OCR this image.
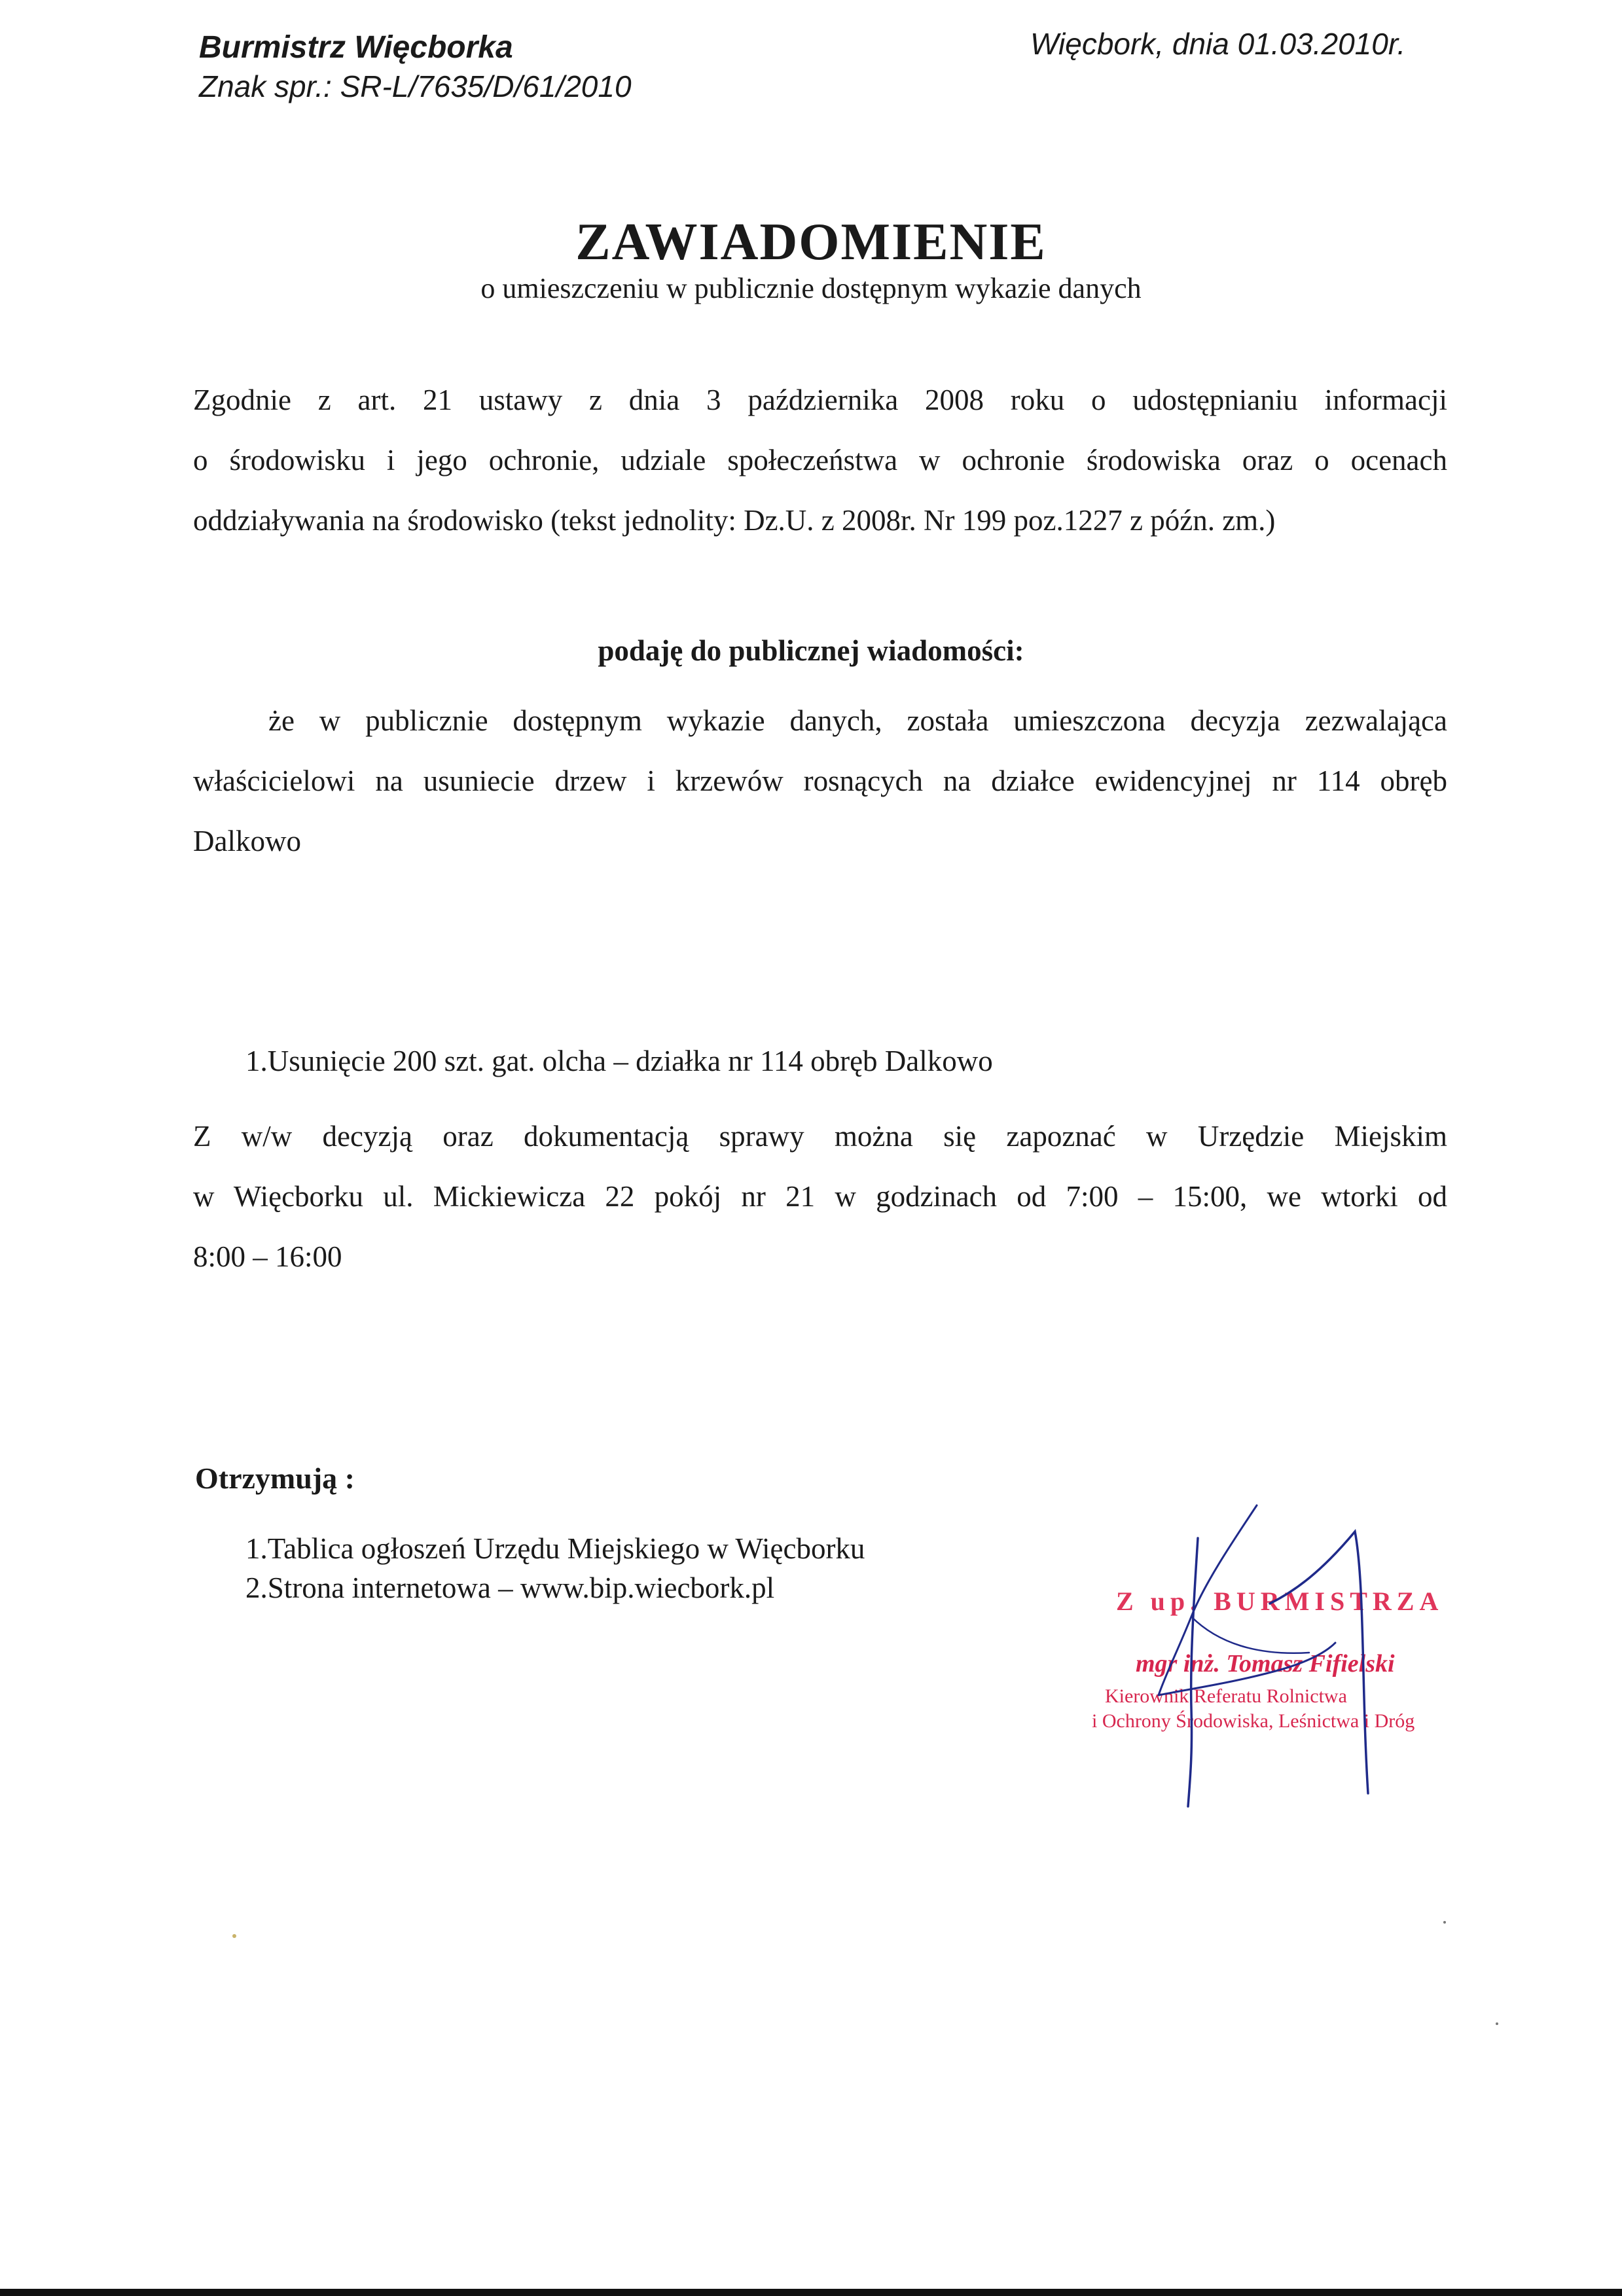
Burmistrz Więcborka
Znak spr.: SR-L/7635/D/61/2010
Więcbork, dnia 01.03.2010r.
ZAWIADOMIENIE
o umieszczeniu w publicznie dostępnym wykazie danych
Zgodnie z art. 21 ustawy z dnia 3 października 2008 roku o udostępnianiu informacji
o środowisku i jego ochronie, udziale społeczeństwa w ochronie środowiska oraz o ocenach
oddziaływania na środowisko (tekst jednolity: Dz.U. z 2008r. Nr 199 poz.1227 z późn. zm.)
podaję do publicznej wiadomości:
że w publicznie dostępnym wykazie danych, została umieszczona decyzja zezwalająca
właścicielowi na usuniecie drzew i krzewów rosnących na działce ewidencyjnej nr 114 obręb
Dalkowo
1.Usunięcie 200 szt. gat. olcha – działka nr 114 obręb Dalkowo
Z w/w decyzją oraz dokumentacją sprawy można się zapoznać w Urzędzie Miejskim
w Więcborku ul. Mickiewicza 22 pokój nr 21 w godzinach od 7:00 – 15:00, we wtorki od
8:00 – 16:00
Otrzymują :
1.Tablica ogłoszeń Urzędu Miejskiego w Więcborku
2.Strona internetowa – www.bip.wiecbork.pl	Z up. BURMISTRZA
mgr inż. Tomasz Fifielski
Kierownik Referatu Rolnictwa
i Ochrony Środowiska, Leśnictwa i Dróg
